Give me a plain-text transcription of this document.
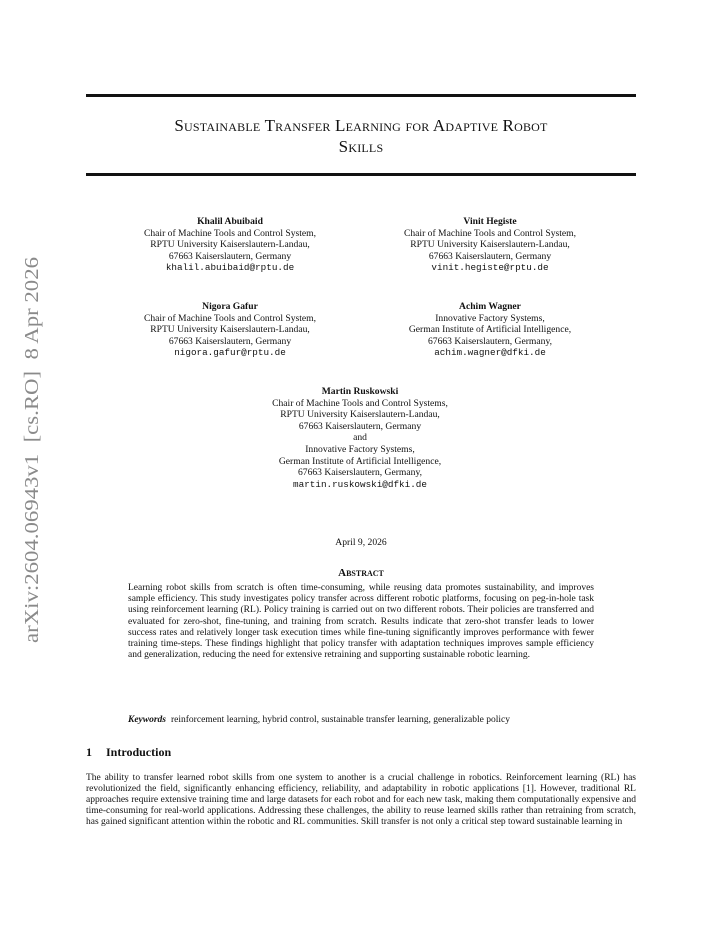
arXiv:2604.06943v1  [cs.RO]  8 Apr 2026
Sustainable Transfer Learning for Adaptive Robot
Skills
Khalil Abuibaid
Chair of Machine Tools and Control System,
RPTU University Kaiserslautern-Landau,
67663 Kaiserslautern, Germany
khalil.abuibaid@rptu.de
Vinit Hegiste
Chair of Machine Tools and Control System,
RPTU University Kaiserslautern-Landau,
67663 Kaiserslautern, Germany
vinit.hegiste@rptu.de
Nigora Gafur
Chair of Machine Tools and Control System,
RPTU University Kaiserslautern-Landau,
67663 Kaiserslautern, Germany
nigora.gafur@rptu.de
Achim Wagner
Innovative Factory Systems,
German Institute of Artificial Intelligence,
67663 Kaiserslautern, Germany,
achim.wagner@dfki.de
Martin Ruskowski
Chair of Machine Tools and Control Systems,
RPTU University Kaiserslautern-Landau,
67663 Kaiserslautern, Germany
and
Innovative Factory Systems,
German Institute of Artificial Intelligence,
67663 Kaiserslautern, Germany,
martin.ruskowski@dfki.de
April 9, 2026
Abstract
Learning robot skills from scratch is often time-consuming, while reusing data promotes sustainability, and improves sample efficiency. This study investigates policy transfer across different robotic platforms, focusing on peg-in-hole task using reinforcement learning (RL). Policy training is carried out on two different robots. Their policies are transferred and evaluated for zero-shot, fine-tuning, and training from scratch. Results indicate that zero-shot transfer leads to lower success rates and relatively longer task execution times while fine-tuning significantly improves performance with fewer training time-steps. These findings highlight that policy transfer with adaptation techniques improves sample efficiency and generalization, reducing the need for extensive retraining and supporting sustainable robotic learning.
Keywords reinforcement learning, hybrid control, sustainable transfer learning, generalizable policy
1 Introduction
The ability to transfer learned robot skills from one system to another is a crucial challenge in robotics. Reinforcement learning (RL) has revolutionized the field, significantly enhancing efficiency, reliability, and adaptability in robotic applications [1]. However, traditional RL approaches require extensive training time and large datasets for each robot and for each new task, making them computationally expensive and time-consuming for real-world applications. Addressing these challenges, the ability to reuse learned skills rather than retraining from scratch, has gained significant attention within the robotic and RL communities. Skill transfer is not only a critical step toward sustainable learning in
